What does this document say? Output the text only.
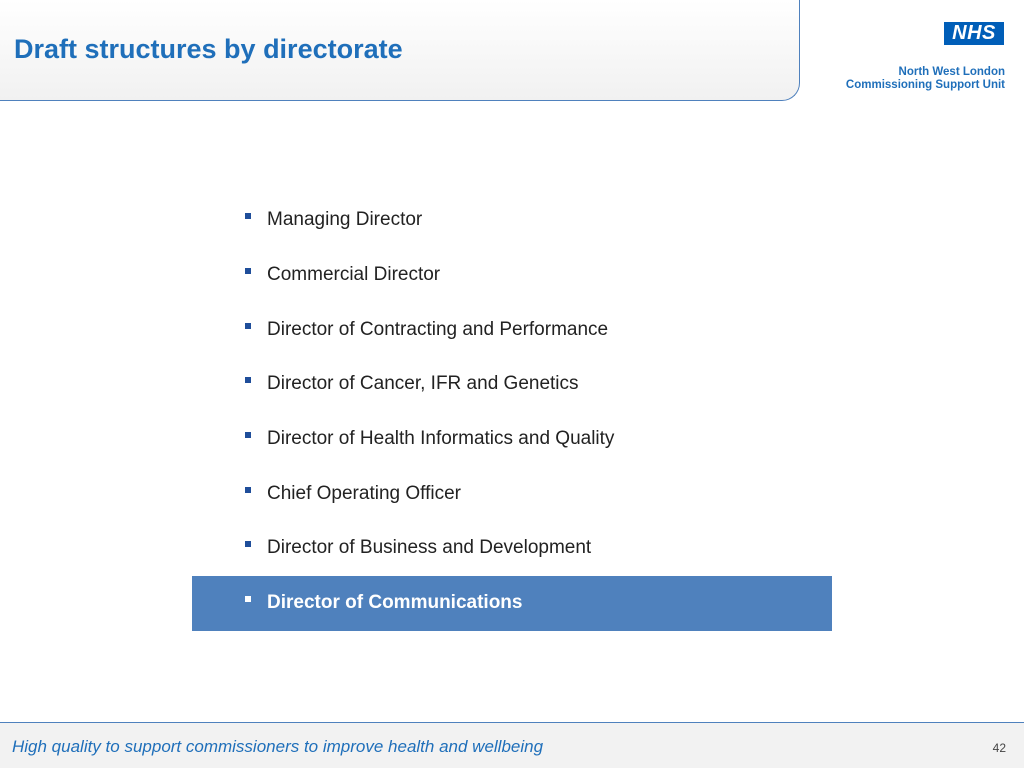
Draft structures by directorate
NHS
North West London
Commissioning Support Unit
Managing Director
Commercial Director
Director of Contracting and Performance
Director of Cancer, IFR and Genetics
Director of Health Informatics and Quality
Chief Operating Officer
Director of Business and Development
Director of Communications
High quality to support commissioners to improve health and wellbeing	42
